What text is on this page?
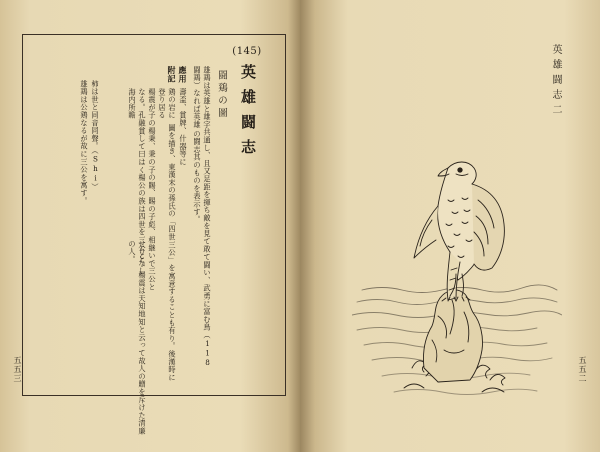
(145)
英雄闘志
闘鶏の圖
雄鶏は英雄と雄字共通し、且又足距を揮ち敵を見て敢て闘い、武勇に富む鳥（118
闘鶏）なれば英雄
の闘志其のものを表示す。
應用
壽盃、賞牌、什器等に
附記
鶏の岩に
登り居る
圖を描き、東漢末の孫氏の「四世三公」を寓意することも有り。後漢時に
楊震が子の楊秉、秉の子の賜、賜の子彪、相継いで三公と
なる。孔融賞して曰はく楊公の族は四世を三公となし
海内所瞻
せりと。楊震は天知地知と云って故人の贈を斥けた清廉
の人。
柿は世と同音同聲。（Shi）
雄鶏は公鶏なるが故に三公を寓す。
五五三
英雄闘志二
五五二
